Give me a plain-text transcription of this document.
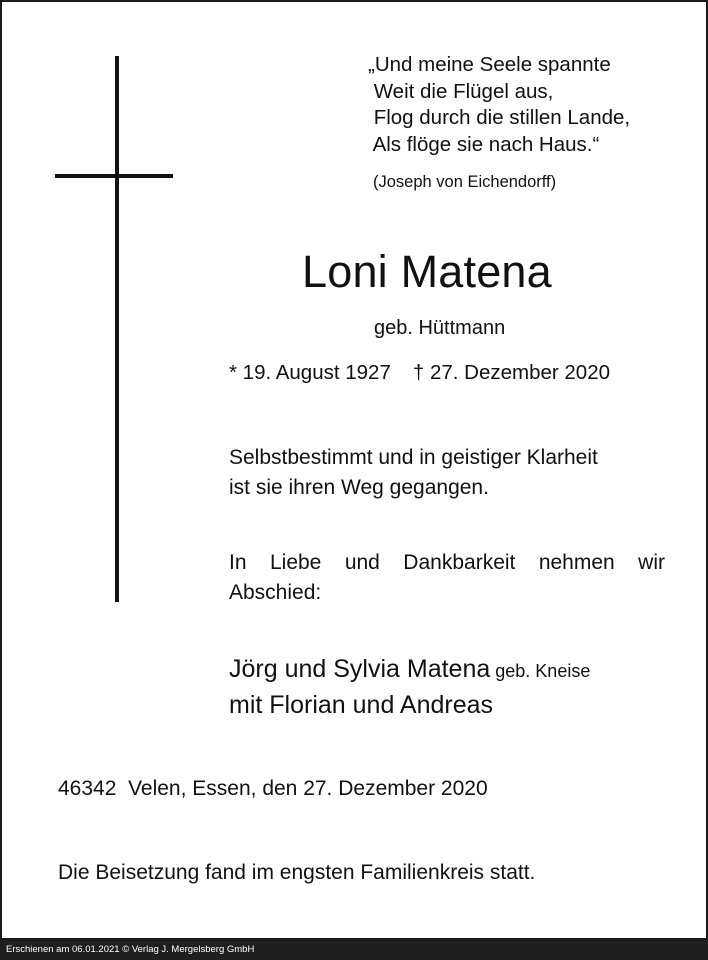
„Und meine Seele spannte
Weit die Flügel aus,
Flog durch die stillen Lande,
Als flöge sie nach Haus.“
(Joseph von Eichendorff)
Loni Matena
geb. Hüttmann
* 19. August 1927 † 27. Dezember 2020
Selbstbestimmt und in geistiger Klarheit
ist sie ihren Weg gegangen.
In Liebe und Dankbarkeit nehmen wir
Abschied:
Jörg und Sylvia Matena geb. Kneise
mit Florian und Andreas
46342  Velen, Essen, den 27. Dezember 2020
Die Beisetzung fand im engsten Familienkreis statt.
Erschienen am 06.01.2021 © Verlag J. Mergelsberg GmbH
